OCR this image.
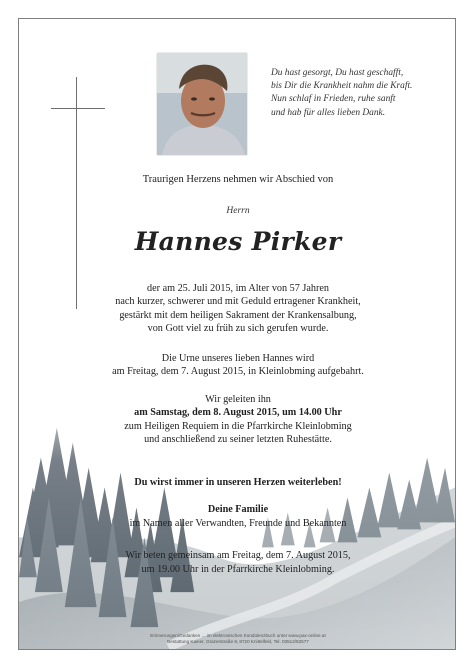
Du hast gesorgt, Du hast geschafft,
bis Dir die Krankheit nahm die Kraft.
Nun schlaf in Frieden, ruhe sanft
und hab für alles lieben Dank.
Traurigen Herzens nehmen wir Abschied von
Herrn
Hannes Pirker
der am 25. Juli 2015, im Alter von 57 Jahren
nach kurzer, schwerer und mit Geduld ertragener Krankheit,
gestärkt mit dem heiligen Sakrament der Krankensalbung,
von Gott viel zu früh zu sich gerufen wurde.
Die Urne unseres lieben Hannes wird
am Freitag, dem 7. August 2015, in Kleinlobming aufgebahrt.
Wir geleiten ihn
am Samstag, dem 8. August 2015, um 14.00 Uhr
zum Heiligen Requiem in die Pfarrkirche Kleinlobming
und anschließend zu seiner letzten Ruhestätte.
Du wirst immer in unseren Herzen weiterleben!
Deine Familie
im Namen aller Verwandten, Freunde und Bekannten
Wir beten gemeinsam am Freitag, dem 7. August 2015,
um 19.00 Uhr in der Pfarrkirche Kleinlobming.
Erinnerungen/Gedanken ... im elektronischen Kondolenzbuch unter www.pax-online.at
Bestattung Kainer, Grazerstraße 8, 8720 Knittelfeld, Tel. 03512/82577
